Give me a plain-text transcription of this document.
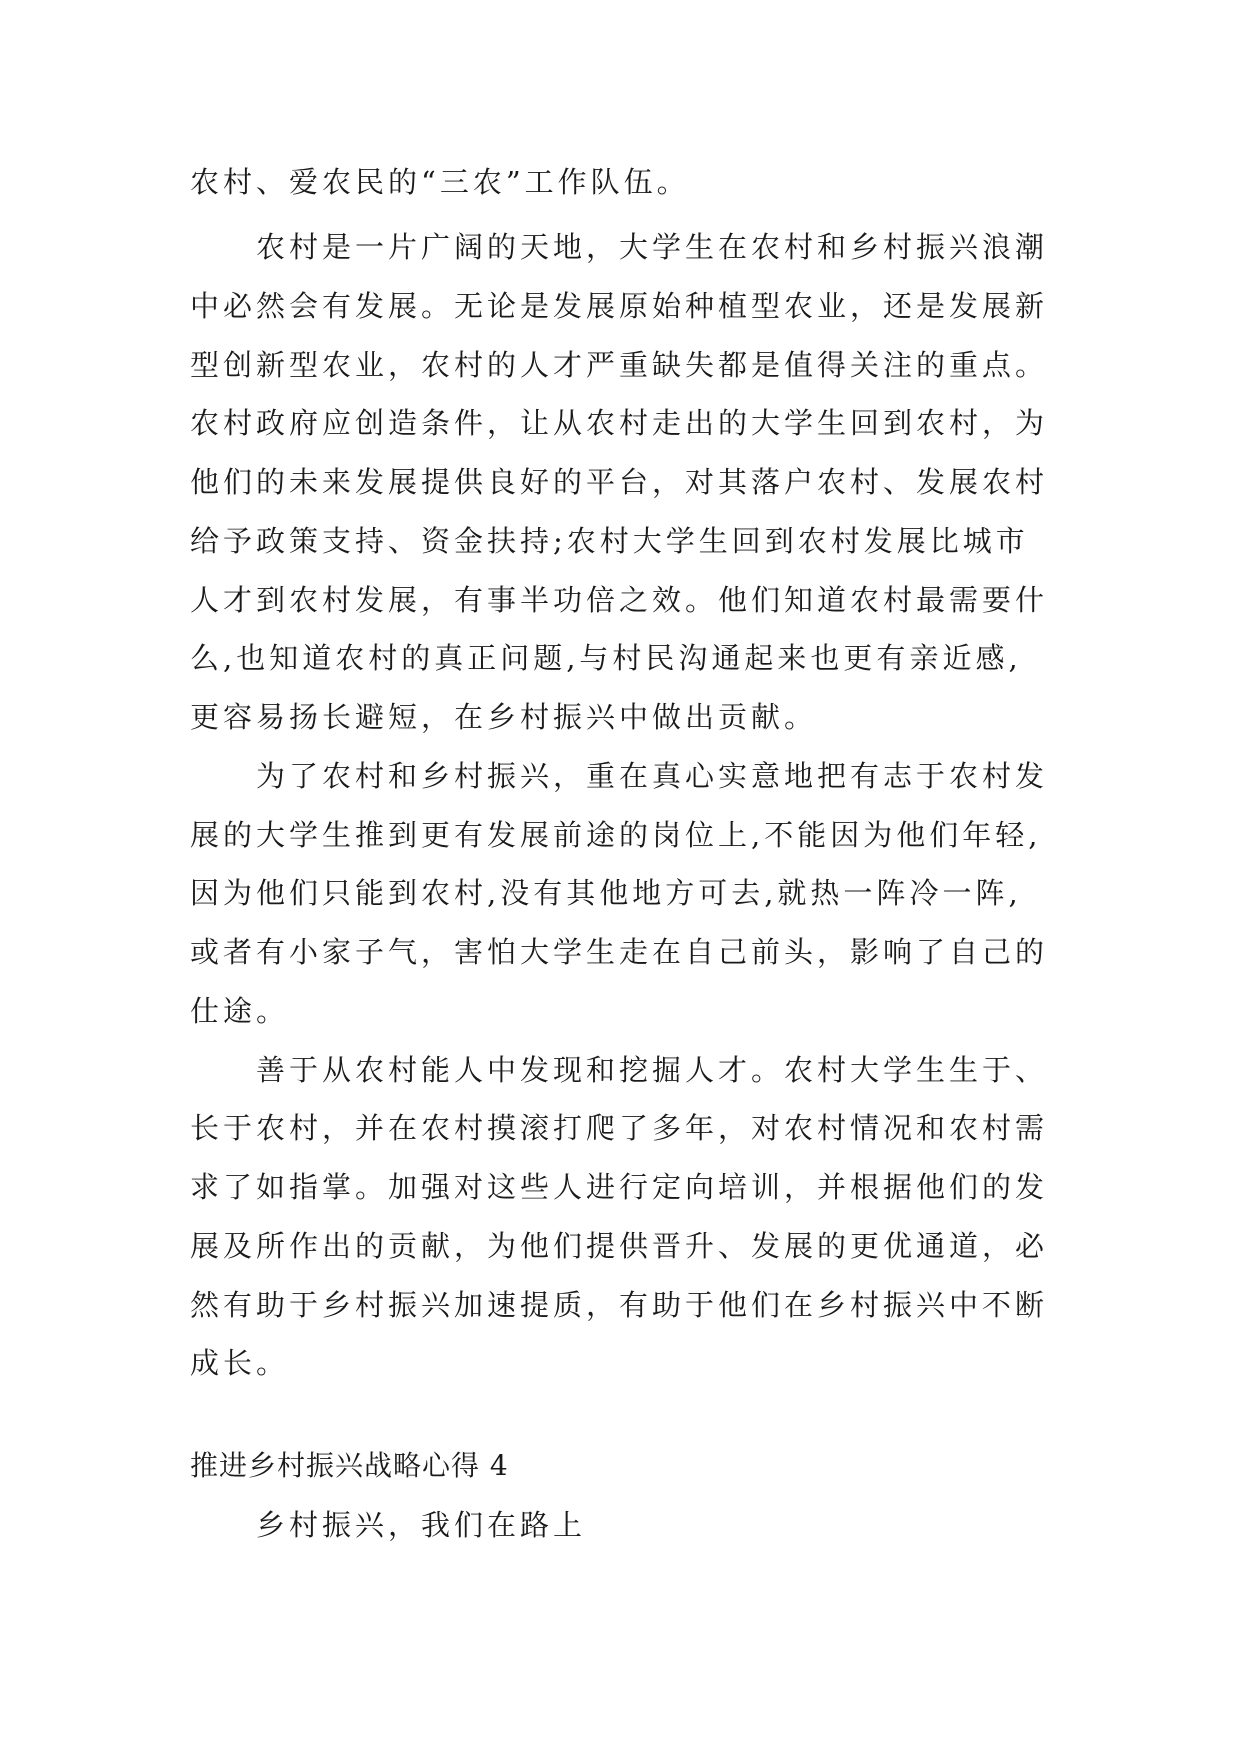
农村、爱农民的“三农”工作队伍。
农村是一片广阔的天地，大学生在农村和乡村振兴浪潮
中必然会有发展。无论是发展原始种植型农业，还是发展新
型创新型农业，农村的人才严重缺失都是值得关注的重点。
农村政府应创造条件，让从农村走出的大学生回到农村，为
他们的未来发展提供良好的平台，对其落户农村、发展农村
给予政策支持、资金扶持;农村大学生回到农村发展比城市
人才到农村发展，有事半功倍之效。他们知道农村最需要什
么,也知道农村的真正问题,与村民沟通起来也更有亲近感,
更容易扬长避短，在乡村振兴中做出贡献。
为了农村和乡村振兴，重在真心实意地把有志于农村发
展的大学生推到更有发展前途的岗位上,不能因为他们年轻,
因为他们只能到农村,没有其他地方可去,就热一阵冷一阵,
或者有小家子气，害怕大学生走在自己前头，影响了自己的
仕途。
善于从农村能人中发现和挖掘人才。农村大学生生于、
长于农村，并在农村摸滚打爬了多年，对农村情况和农村需
求了如指掌。加强对这些人进行定向培训，并根据他们的发
展及所作出的贡献，为他们提供晋升、发展的更优通道，必
然有助于乡村振兴加速提质，有助于他们在乡村振兴中不断
成长。
推进乡村振兴战略心得 4
乡村振兴，我们在路上
